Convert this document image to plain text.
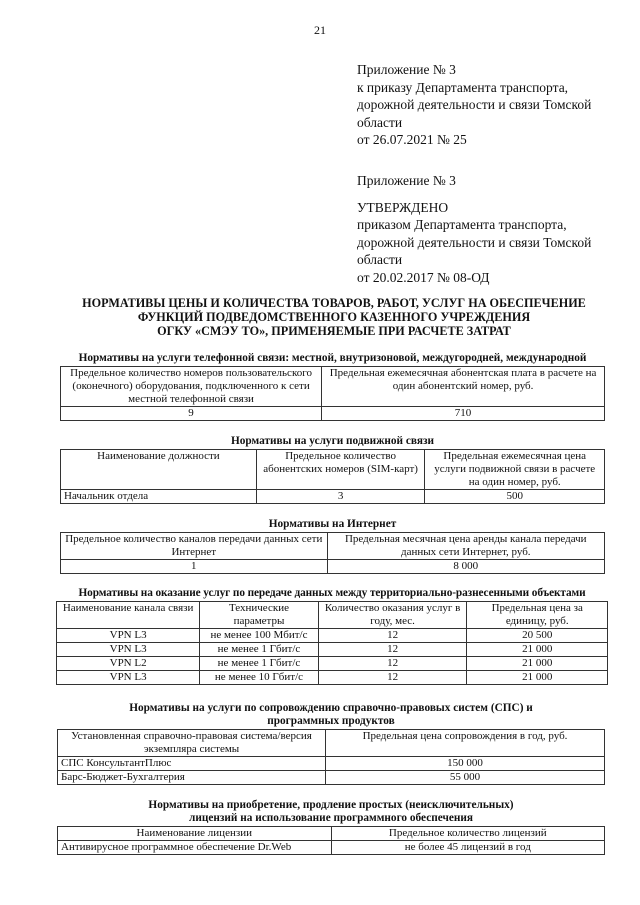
21
Приложение № 3
к приказу Департамента транспорта,
дорожной деятельности и связи Томской
области
от 26.07.2021 № 25
Приложение № 3
УТВЕРЖДЕНО
приказом Департамента транспорта,
дорожной деятельности и связи Томской
области
от 20.02.2017 № 08-ОД
НОРМАТИВЫ ЦЕНЫ И КОЛИЧЕСТВА ТОВАРОВ, РАБОТ, УСЛУГ НА ОБЕСПЕЧЕНИЕ
ФУНКЦИЙ ПОДВЕДОМСТВЕННОГО КАЗЕННОГО УЧРЕЖДЕНИЯ
ОГКУ «СМЭУ ТО», ПРИМЕНЯЕМЫЕ ПРИ РАСЧЕТЕ ЗАТРАТ
Нормативы на услуги телефонной связи: местной, внутризоновой, междугородней, международной
Предельное количество номеров пользовательского (оконечного) оборудования, подключенного к сети местной телефонной связи	Предельная ежемесячная абонентская плата в расчете на один абонентский номер, руб.
9	710
Нормативы на услуги подвижной связи
Наименование должности	Предельное количество абонентских номеров (SIM-карт)	Предельная ежемесячная цена услуги подвижной связи в расчете на один номер, руб.
Начальник отдела	3	500
Нормативы на Интернет
Предельное количество каналов передачи данных сети Интернет	Предельная месячная цена аренды канала передачи данных сети Интернет, руб.
1	8 000
Нормативы на оказание услуг по передаче данных между территориально-разнесенными объектами
Наименование канала связи	Технические параметры	Количество оказания услуг в году, мес.	Предельная цена за единицу, руб.
VPN L3	не менее 100 Мбит/с	12	20 500
VPN L3	не менее 1 Гбит/с	12	21 000
VPN L2	не менее 1 Гбит/с	12	21 000
VPN L3	не менее 10 Гбит/с	12	21 000
Нормативы на услуги по сопровождению справочно-правовых систем (СПС) и программных продуктов
Установленная справочно-правовая система/версия экземпляра системы	Предельная цена сопровождения в год, руб.
СПС КонсультантПлюс	150 000
Барс-Бюджет-Бухгалтерия	55 000
Нормативы на приобретение, продление простых (неисключительных) лицензий на использование программного обеспечения
Наименование лицензии	Предельное количество лицензий
Антивирусное программное обеспечение Dr.Web	не более 45 лицензий в год
